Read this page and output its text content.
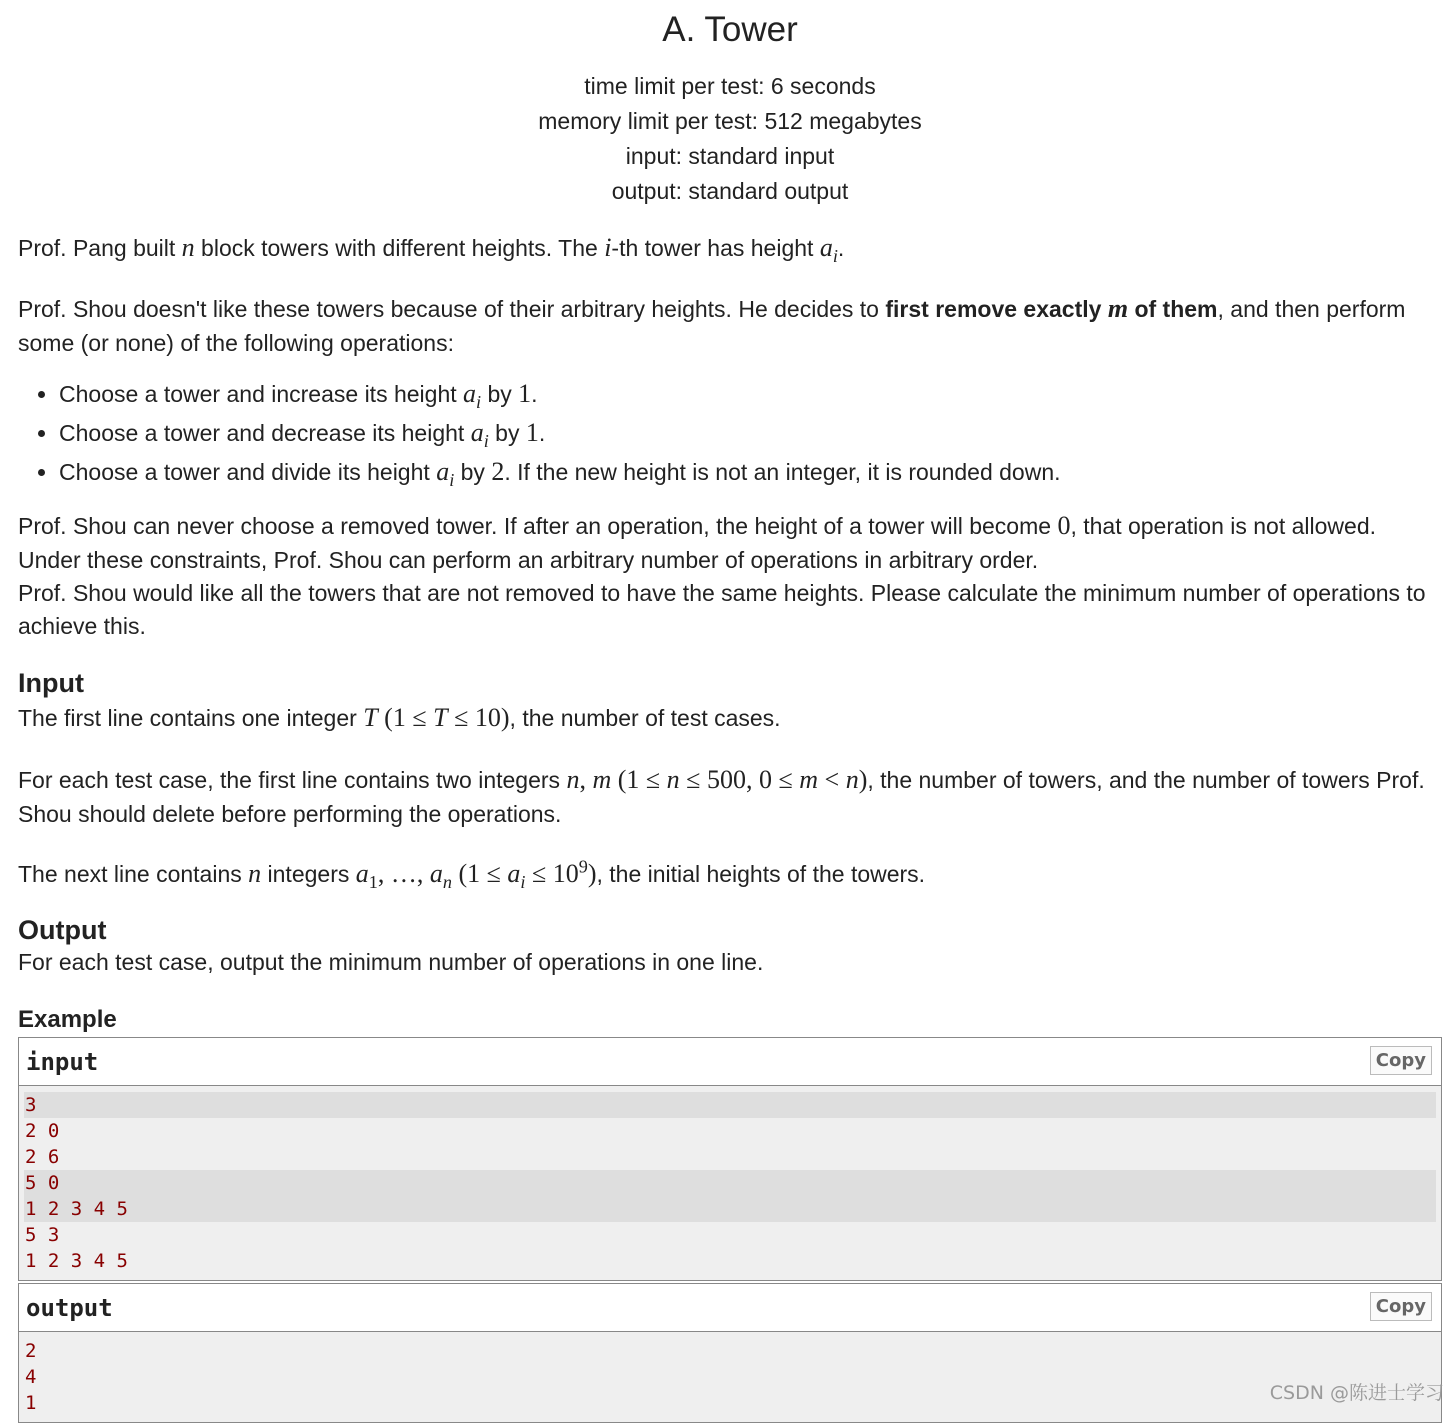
A. Tower
time limit per test: 6 seconds
memory limit per test: 512 megabytes
input: standard input
output: standard output

Prof. Pang built n block towers with different heights. The i-th tower has height $a_i$.

Prof. Shou doesn't like these towers because of their arbitrary heights. He decides to first remove exactly m of them, and then perform some (or none) of the following operations:

• Choose a tower and increase its height $a_i$ by 1.
• Choose a tower and decrease its height $a_i$ by 1.
• Choose a tower and divide its height $a_i$ by 2. If the new height is not an integer, it is rounded down.

Prof. Shou can never choose a removed tower. If after an operation, the height of a tower will become 0, that operation is not allowed.

Under these constraints, Prof. Shou can perform an arbitrary number of operations in arbitrary order.

Prof. Shou would like all the towers that are not removed to have the same heights. Please calculate the minimum number of operations to achieve this.

Input

The first line contains one integer T (1 ≤ T ≤ 10), the number of test cases.

For each test case, the first line contains two integers n, m (1 ≤ n ≤ 500, 0 ≤ m < n), the number of towers, and the number of towers Prof. Shou should delete before performing the operations.

The next line contains n integers $a_1$, …, $a_n$ $(1 \le a_i \le 10^9)$, the initial heights of the towers.

Output

For each test case, output the minimum number of operations in one line.

Example
input	Copy
3
2 0
2 6
5 0
1 2 3 4 5
5 3
1 2 3 4 5
output	Copy
2
4
1	CSDN @陈进士学习
